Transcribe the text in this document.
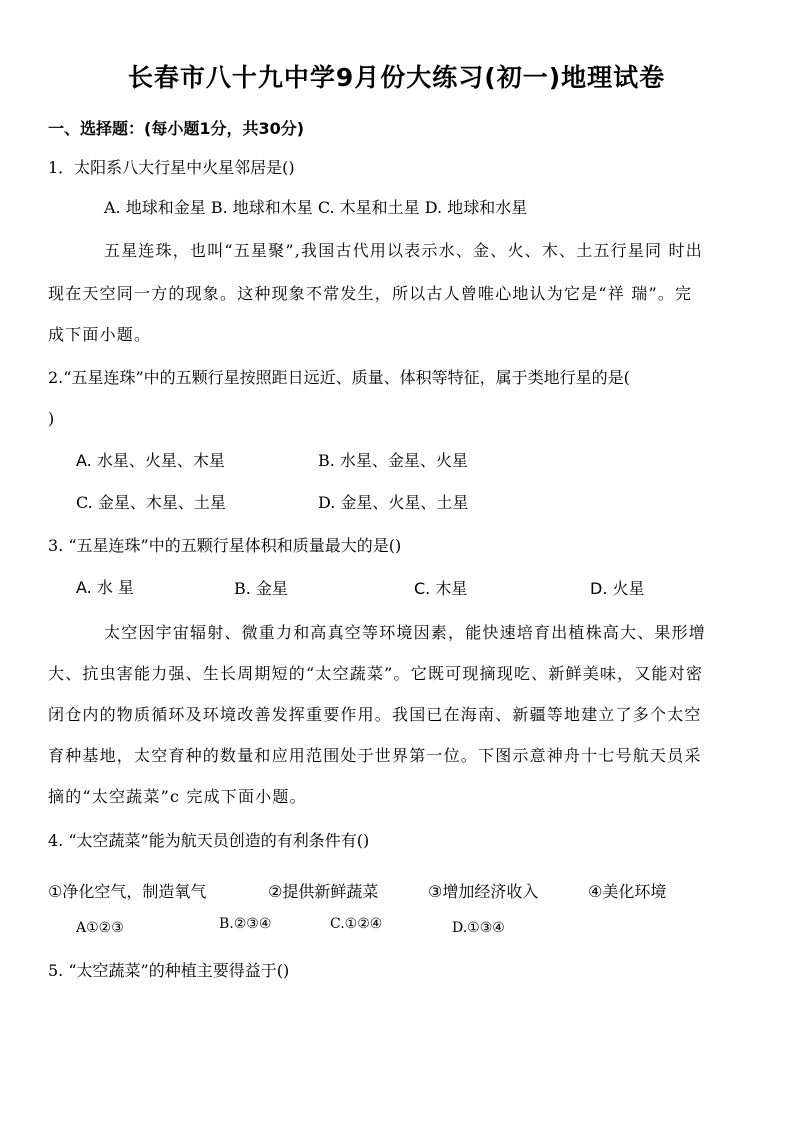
长春市八十九中学9月份大练习(初一)地理试卷
一、选择题：(每小题1分，共30分)
1．太阳系八大行星中火星邻居是()
A. 地球和金星 B. 地球和木星 C. 木星和土星 D. 地球和水星
五星连珠，也叫“五星聚”,我国古代用以表示水、金、火、木、土五行星同 时出
现在天空同一方的现象。这种现象不常发生，所以古人曾唯心地认为它是“祥 瑞”。完
成下面小题。
2.“五星连珠”中的五颗行星按照距日远近、质量、体积等特征，属于类地行星的是(
)
A. 水星、火星、木星	B. 水星、金星、火星
C. 金星、木星、土星	D. 金星、火星、土星
3. “五星连珠”中的五颗行星体积和质量最大的是()
A. 水 星	B. 金星	C. 木星	D. 火星
太空因宇宙辐射、微重力和高真空等环境因素，能快速培育出植株高大、果形增
大、抗虫害能力强、生长周期短的“太空蔬菜”。它既可现摘现吃、新鲜美味，又能对密
闭仓内的物质循环及环境改善发挥重要作用。我国已在海南、新疆等地建立了多个太空
育种基地，太空育种的数量和应用范围处于世界第一位。下图示意神舟十七号航天员采
摘的“太空蔬菜”c 完成下面小题。
4. “太空蔬菜”能为航天员创造的有利条件有()
①净化空气，制造氧气	②提供新鲜蔬菜	③增加经济收入	④美化环境
A①②③	B.②③④	C.①②④	D.①③④
5. “太空蔬菜”的种植主要得益于()
